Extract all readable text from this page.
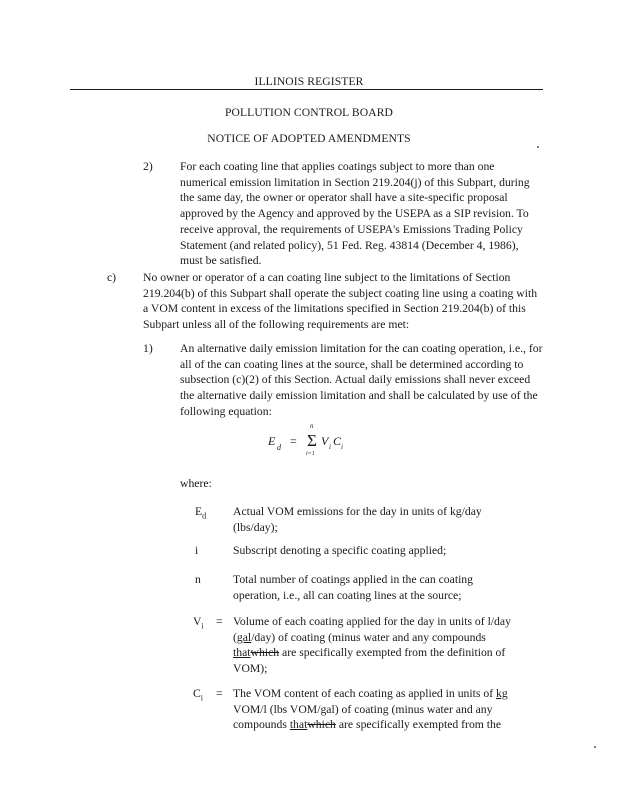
ILLINOIS REGISTER
POLLUTION CONTROL BOARD
NOTICE OF ADOPTED AMENDMENTS
2) For each coating line that applies coatings subject to more than one numerical emission limitation in Section 219.204(j) of this Subpart, during the same day, the owner or operator shall have a site-specific proposal approved by the Agency and approved by the USEPA as a SIP revision. To receive approval, the requirements of USEPA's Emissions Trading Policy Statement (and related policy), 51 Fed. Reg. 43814 (December 4, 1986), must be satisfied.
c) No owner or operator of a can coating line subject to the limitations of Section 219.204(b) of this Subpart shall operate the subject coating line using a coating with a VOM content in excess of the limitations specified in Section 219.204(b) of this Subpart unless all of the following requirements are met:
1) An alternative daily emission limitation for the can coating operation, i.e., for all of the can coating lines at the source, shall be determined according to subsection (c)(2) of this Section. Actual daily emissions shall never exceed the alternative daily emission limitation and shall be calculated by use of the following equation:
E d = Σ
n
i=1
V i C i
where:
$E_d$ Actual VOM emissions for the day in units of kg/day
(lbs/day);
i	Subscript denoting a specific coating applied;
n	Total number of coatings applied in the can coating
operation, i.e., all can coating lines at the source;
$V_i$ = Volume of each coating applied for the day in units of l/day
(gal/day) of coating (minus water and any compounds
thatwhich are specifically exempted from the definition of
VOM);
$C_i$ = The VOM content of each coating as applied in units of kg
VOM/l (lbs VOM/gal) of coating (minus water and any
compounds thatwhich are specifically exempted from the
